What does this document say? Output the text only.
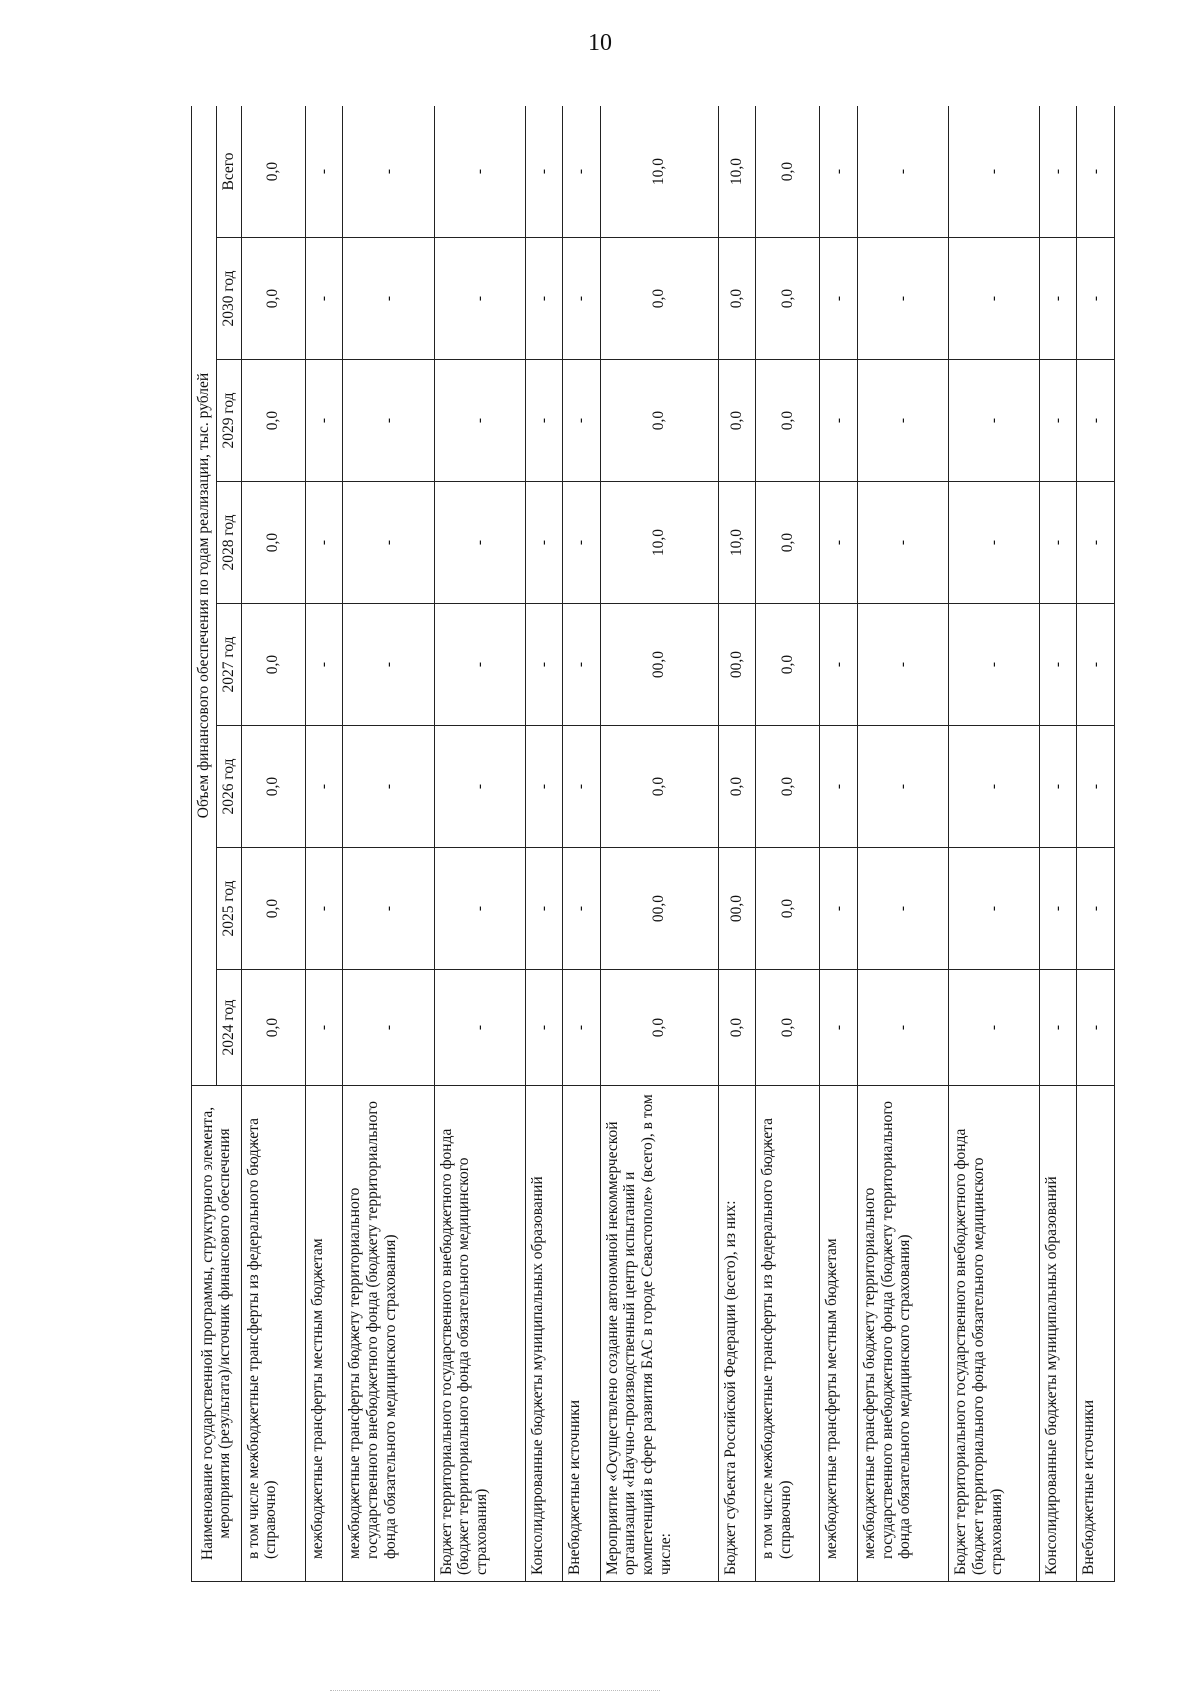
10
Наименование государственной программы, структурного элемента, мероприятия (результата)/источник финансового обеспечения	Объем финансового обеспечения по годам реализации, тыс. рублей							
	2024 год	2025 год	2026 год	2027 год	2028 год	2029 год	2030 год	Всего
в том числе межбюджетные трансферты из федерального бюджета (справочно)	0,0	0,0	0,0	0,0	0,0	0,0	0,0	0,0
межбюджетные трансферты местным бюджетам	-	-	-	-	-	-	-	-
межбюджетные трансферты бюджету территориального государственного внебюджетного фонда (бюджету территориального фонда обязательного медицинского страхования)	-	-	-	-	-	-	-	-
Бюджет территориального государственного внебюджетного фонда (бюджет территориального фонда обязательного медицинского страхования)	-	-	-	-	-	-	-	-
Консолидированные бюджеты муниципальных образований	-	-	-	-	-	-	-	-
Внебюджетные источники	-	-	-	-	-	-	-	-
Мероприятие «Осуществлено создание автономной некоммерческой организации «Научно-производственный центр испытаний и компетенций в сфере развития БАС в городе Севастополе» (всего), в том числе:	0,0	00,0	0,0	00,0	10,0	0,0	0,0	10,0
Бюджет субъекта Российской Федерации (всего), из них:	0,0	00,0	0,0	00,0	10,0	0,0	0,0	10,0
в том числе межбюджетные трансферты из федерального бюджета (справочно)	0,0	0,0	0,0	0,0	0,0	0,0	0,0	0,0
межбюджетные трансферты местным бюджетам	-	-	-	-	-	-	-	-
межбюджетные трансферты бюджету территориального государственного внебюджетного фонда (бюджету территориального фонда обязательного медицинского страхования)	-	-	-	-	-	-	-	-
Бюджет территориального государственного внебюджетного фонда (бюджет территориального фонда обязательного медицинского страхования)	-	-	-	-	-	-	-	-
Консолидированные бюджеты муниципальных образований	-	-	-	-	-	-	-	-
Внебюджетные источники	-	-	-	-	-	-	-	-
